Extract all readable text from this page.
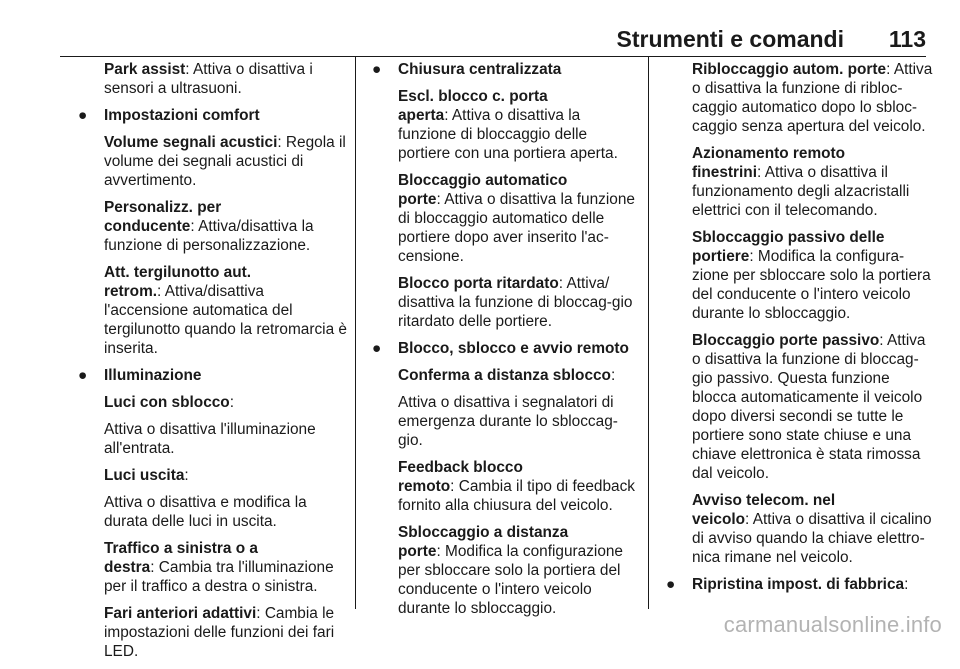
Strumenti e comandi 113
Park assist: Attiva o disattiva i sensori a ultrasuoni.
● Impostazioni comfort
Volume segnali acustici: Regola il volume dei segnali acustici di avvertimento.
Personalizz. per conducente: Attiva/disattiva la funzione di personalizzazione.
Att. tergilunotto aut. retrom.: Attiva/disattiva l'accensione automatica del tergilunotto quando la retromarcia è inserita.
● Illuminazione
Luci con sblocco:
Attiva o disattiva l'illuminazione all'entrata.
Luci uscita:
Attiva o disattiva e modifica la durata delle luci in uscita.
Traffico a sinistra o a destra: Cambia tra l'illuminazione per il traffico a destra o sinistra.
Fari anteriori adattivi: Cambia le impostazioni delle funzioni dei fari LED.
● Chiusura centralizzata
Escl. blocco c. porta aperta: Attiva o disattiva la funzione di bloccaggio delle portiere con una portiera aperta.
Bloccaggio automatico porte: Attiva o disattiva la funzione di bloccaggio automatico delle portiere dopo aver inserito l'ac-censione.
Blocco porta ritardato: Attiva/ disattiva la funzione di bloccag-gio ritardato delle portiere.
● Blocco, sblocco e avvio remoto
Conferma a distanza sblocco:
Attiva o disattiva i segnalatori di emergenza durante lo sbloccag-gio.
Feedback blocco remoto: Cambia il tipo di feedback fornito alla chiusura del veicolo.
Sbloccaggio a distanza porte: Modifica la configurazione per sbloccare solo la portiera del conducente o l'intero veicolo durante lo sbloccaggio.
Ribloccaggio autom. porte: Attiva o disattiva la funzione di ribloc-caggio automatico dopo lo sbloc-caggio senza apertura del veicolo.
Azionamento remoto finestrini: Attiva o disattiva il funzionamento degli alzacristalli elettrici con il telecomando.
Sbloccaggio passivo delle portiere: Modifica la configura-zione per sbloccare solo la portiera del conducente o l'intero veicolo durante lo sbloccaggio.
Bloccaggio porte passivo: Attiva o disattiva la funzione di bloccag-gio passivo. Questa funzione blocca automaticamente il veicolo dopo diversi secondi se tutte le portiere sono state chiuse e una chiave elettronica è stata rimossa dal veicolo.
Avviso telecom. nel veicolo: Attiva o disattiva il cicalino di avviso quando la chiave elettro-nica rimane nel veicolo.
● Ripristina impost. di fabbrica:
carmanualsonline.info
